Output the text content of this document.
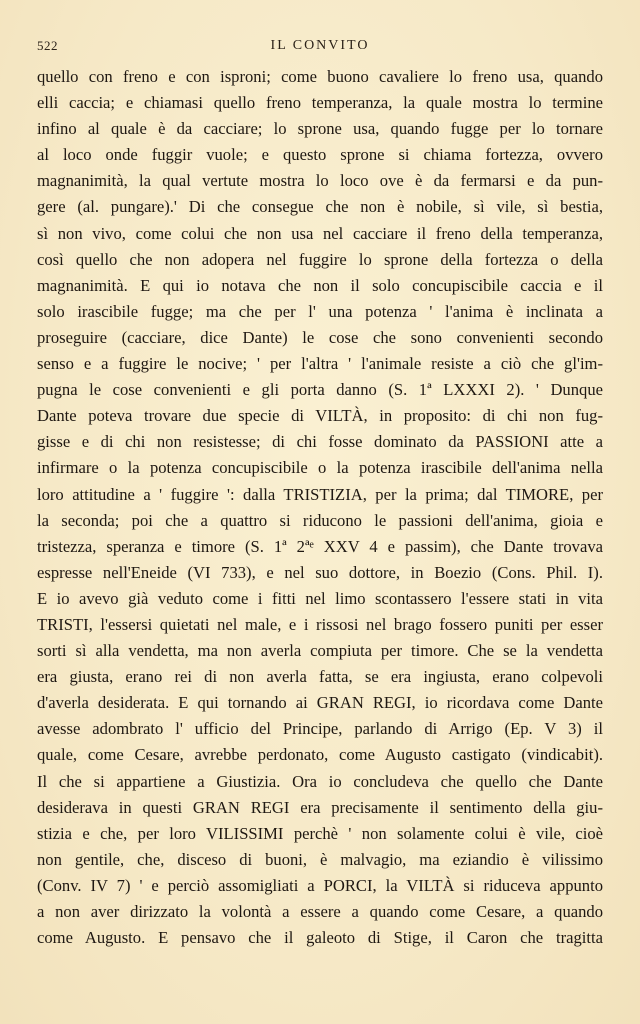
522	IL CONVITO
quello con freno e con isproni; come buono cavaliere lo freno usa, quando
elli caccia; e chiamasi quello freno temperanza, la quale mostra lo termine
infino al quale è da cacciare; lo sprone usa, quando fugge per lo tornare
al loco onde fuggir vuole; e questo sprone si chiama fortezza, ovvero
magnanimità, la qual vertute mostra lo loco ove è da fermarsi e da pun-
gere (al. pungare).' Di che consegue che non è nobile, sì vile, sì bestia,
sì non vivo, come colui che non usa nel cacciare il freno della temperanza,
così quello che non adopera nel fuggire lo sprone della fortezza o della
magnanimità. E qui io notava che non il solo concupiscibile caccia e il
solo irascibile fugge; ma che per l' una potenza ' l'anima è inclinata a
proseguire (cacciare, dice Dante) le cose che sono convenienti secondo
senso e a fuggire le nocive; ' per l'altra ' l'animale resiste a ciò che gl'im-
pugna le cose convenienti e gli porta danno (S. 1ª LXXXI 2). ' Dunque
Dante poteva trovare due specie di VILTÀ, in proposito: di chi non fug-
gisse e di chi non resistesse; di chi fosse dominato da PASSIONI atte a
infirmare o la potenza concupiscibile o la potenza irascibile dell'anima nella
loro attitudine a ' fuggire ': dalla TRISTIZIA, per la prima; dal TIMORE, per
la seconda; poi che a quattro si riducono le passioni dell'anima, gioia e
tristezza, speranza e timore (S. 1ª 2ªᵉ XXV 4 e passim), che Dante trovava
espresse nell'Eneide (VI 733), e nel suo dottore, in Boezio (Cons. Phil. I).
E io avevo già veduto come i fitti nel limo scontassero l'essere stati in vita
TRISTI, l'essersi quietati nel male, e i rissosi nel brago fossero puniti per esser
sorti sì alla vendetta, ma non averla compiuta per timore. Che se la vendetta
era giusta, erano rei di non averla fatta, se era ingiusta, erano colpevoli
d'averla desiderata. E qui tornando ai GRAN REGI, io ricordava come Dante
avesse adombrato l' ufficio del Principe, parlando di Arrigo (Ep. V 3) il
quale, come Cesare, avrebbe perdonato, come Augusto castigato (vindicabit).
Il che si appartiene a Giustizia. Ora io concludeva che quello che Dante
desiderava in questi GRAN REGI era precisamente il sentimento della giu-
stizia e che, per loro VILISSIMI perchè ' non solamente colui è vile, cioè
non gentile, che, disceso di buoni, è malvagio, ma eziandio è vilissimo
(Conv. IV 7) ' e perciò assomigliati a PORCI, la VILTÀ si riduceva appunto
a non aver dirizzato la volontà a essere a quando come Cesare, a quando
come Augusto. E pensavo che il galeoto di Stige, il Caron che tragitta
